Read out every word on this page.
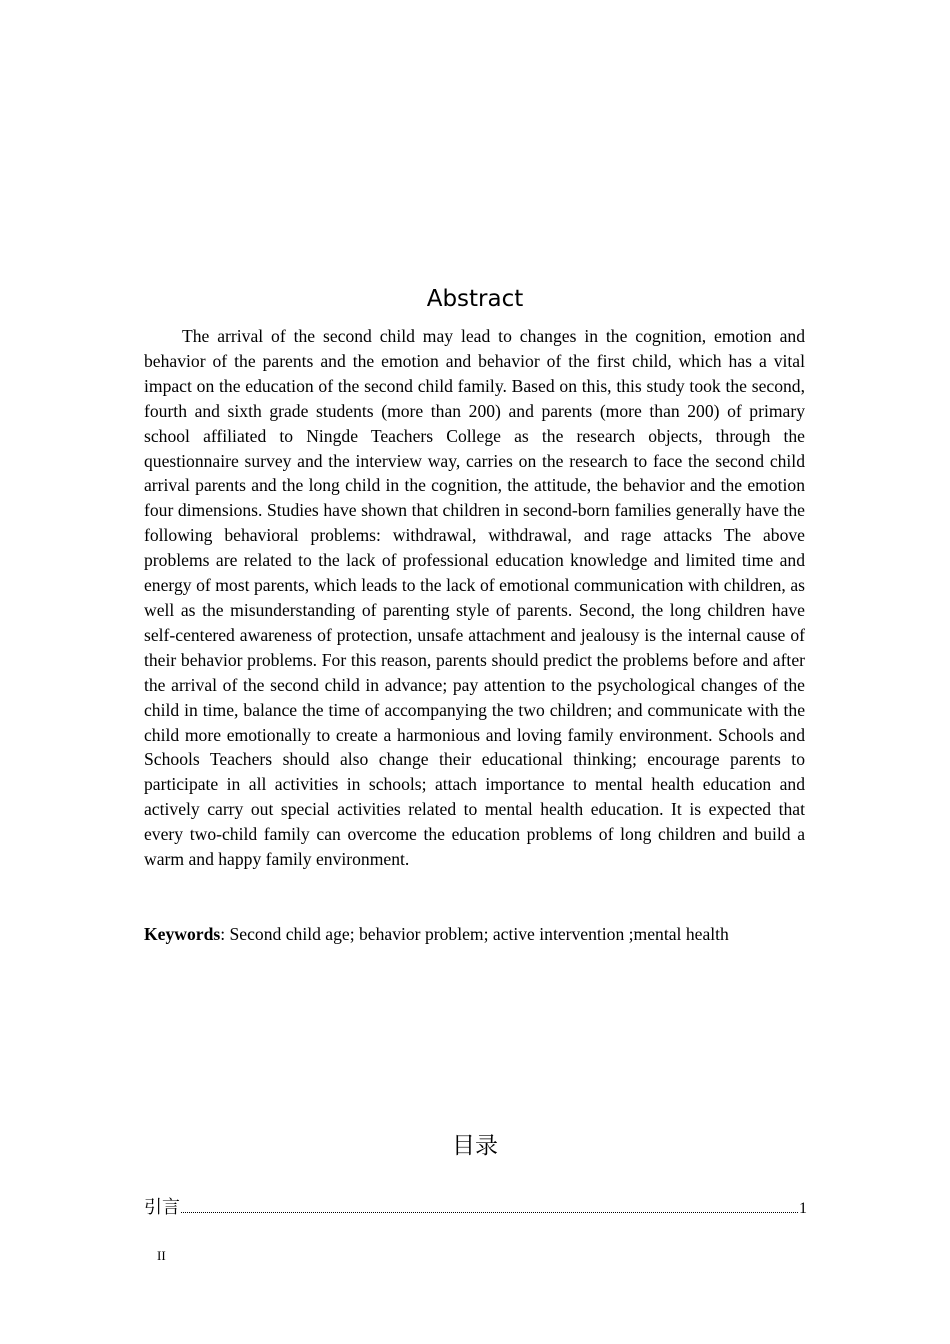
Abstract

The arrival of the second child may lead to changes in the cognition, emotion and behavior of the parents and the emotion and behavior of the first child, which has a vital impact on the education of the second child family. Based on this, this study took the second, fourth and sixth grade students (more than 200) and parents (more than 200) of primary school affiliated to Ningde Teachers College as the research objects, through the questionnaire survey and the interview way, carries on the research to face the second child arrival parents and the long child in the cognition, the attitude, the behavior and the emotion four dimensions. Studies have shown that children in second-born families generally have the following behavioral problems: withdrawal, withdrawal, and rage attacks The above problems are related to the lack of professional education knowledge and limited time and energy of most parents, which leads to the lack of emotional communication with children, as well as the misunderstanding of parenting style of parents. Second, the long children have self-centered awareness of protection, unsafe attachment and jealousy is the internal cause of their behavior problems. For this reason, parents should predict the problems before and after the arrival of the second child in advance; pay attention to the psychological changes of the child in time, balance the time of accompanying the two children; and communicate with the child more emotionally to create a harmonious and loving family environment. Schools and Schools Teachers should also change their educational thinking; encourage parents to participate in all activities in schools; attach importance to mental health education and actively carry out special activities related to mental health education. It is expected that every two-child family can overcome the education problems of long children and build a warm and happy family environment.

Keywords: Second child age; behavior problem; active intervention ;mental health

目录
引言	1
II
